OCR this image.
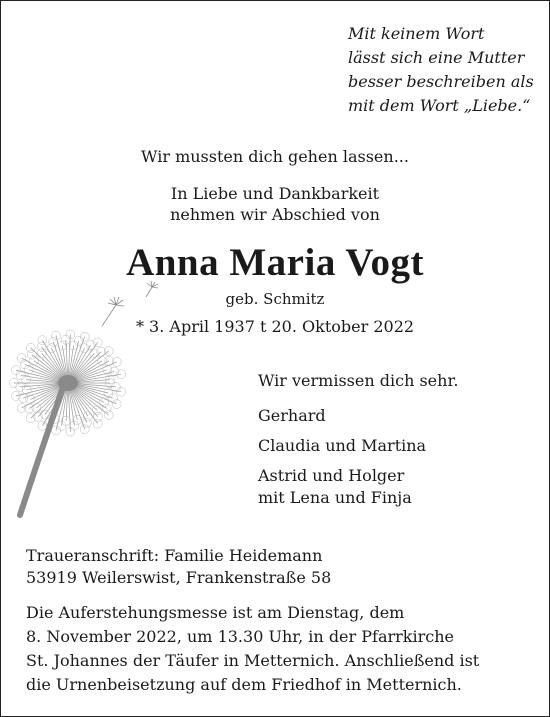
Mit keinem Wort
lässt sich eine Mutter
besser beschreiben als
mit dem Wort „Liebe.“
Wir mussten dich gehen lassen...
In Liebe und Dankbarkeit
nehmen wir Abschied von
Anna Maria Vogt
geb. Schmitz
* 3. April 1937 t 20. Oktober 2022
Wir vermissen dich sehr.
Gerhard
Claudia und Martina
Astrid und Holger
mit Lena und Finja
Traueranschrift: Familie Heidemann
53919 Weilerswist, Frankenstraße 58
Die Auferstehungsmesse ist am Dienstag, dem
8. November 2022, um 13.30 Uhr, in der Pfarrkirche
St. Johannes der Täufer in Metternich. Anschließend ist
die Urnenbeisetzung auf dem Friedhof in Metternich.
